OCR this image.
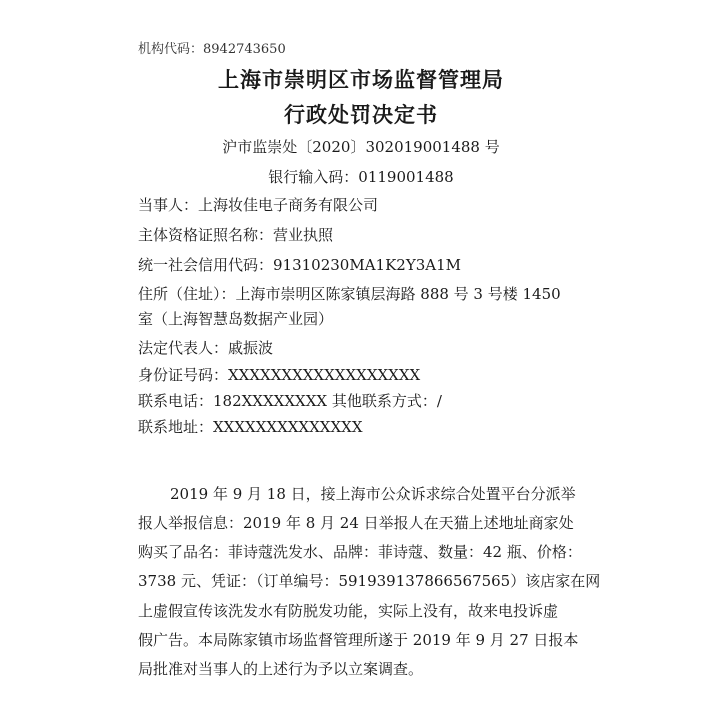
机构代码：8942743650
上海市崇明区市场监督管理局
行政处罚决定书
沪市监崇处〔2020〕302019001488 号
银行输入码：0119001488
当事人：上海妆佳电子商务有限公司
主体资格证照名称：营业执照
统一社会信用代码：91310230MA1K2Y3A1M
住所（住址）：上海市崇明区陈家镇层海路 888 号 3 号楼 1450
室（上海智慧岛数据产业园）
法定代表人：戚振波
身份证号码：XXXXXXXXXXXXXXXXXX
联系电话：182XXXXXXXX 其他联系方式：/
联系地址：XXXXXXXXXXXXXX
2019 年 9 月 18 日，接上海市公众诉求综合处置平台分派举
报人举报信息：2019 年 8 月 24 日举报人在天猫上述地址商家处
购买了品名：菲诗蔻洗发水、品牌：菲诗蔻、数量：42 瓶、价格：
3738 元、凭证：（订单编号：591939137866567565）该店家在网
上虚假宣传该洗发水有防脱发功能，实际上没有，故来电投诉虚
假广告。本局陈家镇市场监督管理所遂于 2019 年 9 月 27 日报本
局批准对当事人的上述行为予以立案调查。
